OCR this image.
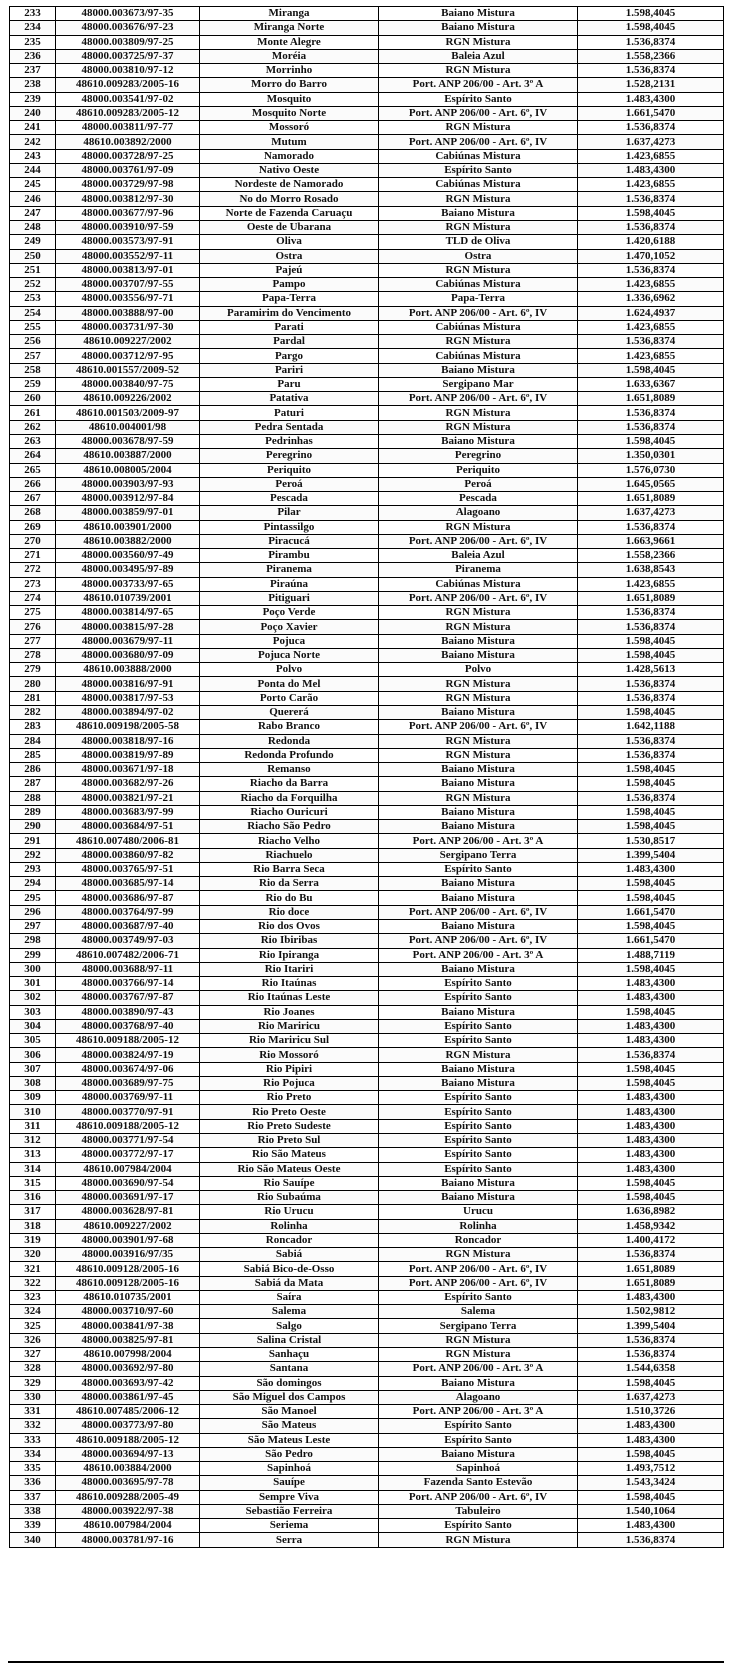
233	48000.003673/97-35	Miranga	Baiano Mistura	1.598,4045
234	48000.003676/97-23	Miranga Norte	Baiano Mistura	1.598,4045
235	48000.003809/97-25	Monte Alegre	RGN Mistura	1.536,8374
236	48000.003725/97-37	Moréia	Baleia Azul	1.558,2366
237	48000.003810/97-12	Morrinho	RGN Mistura	1.536,8374
238	48610.009283/2005-16	Morro do Barro	Port. ANP 206/00 - Art. 3º A	1.528,2131
239	48000.003541/97-02	Mosquito	Espírito Santo	1.483,4300
240	48610.009283/2005-12	Mosquito Norte	Port. ANP 206/00 - Art. 6º, IV	1.661,5470
241	48000.003811/97-77	Mossoró	RGN Mistura	1.536,8374
242	48610.003892/2000	Mutum	Port. ANP 206/00 - Art. 6º, IV	1.637,4273
243	48000.003728/97-25	Namorado	Cabiúnas Mistura	1.423,6855
244	48000.003761/97-09	Nativo Oeste	Espírito Santo	1.483,4300
245	48000.003729/97-98	Nordeste de Namorado	Cabiúnas Mistura	1.423,6855
246	48000.003812/97-30	No do Morro Rosado	RGN Mistura	1.536,8374
247	48000.003677/97-96	Norte de Fazenda Caruaçu	Baiano Mistura	1.598,4045
248	48000.003910/97-59	Oeste de Ubarana	RGN Mistura	1.536,8374
249	48000.003573/97-91	Oliva	TLD de Oliva	1.420,6188
250	48000.003552/97-11	Ostra	Ostra	1.470,1052
251	48000.003813/97-01	Pajeú	RGN Mistura	1.536,8374
252	48000.003707/97-55	Pampo	Cabiúnas Mistura	1.423,6855
253	48000.003556/97-71	Papa-Terra	Papa-Terra	1.336,6962
254	48000.003888/97-00	Paramirim do Vencimento	Port. ANP 206/00 - Art. 6º, IV	1.624,4937
255	48000.003731/97-30	Parati	Cabiúnas Mistura	1.423,6855
256	48610.009227/2002	Pardal	RGN Mistura	1.536,8374
257	48000.003712/97-95	Pargo	Cabiúnas Mistura	1.423,6855
258	48610.001557/2009-52	Pariri	Baiano Mistura	1.598,4045
259	48000.003840/97-75	Paru	Sergipano Mar	1.633,6367
260	48610.009226/2002	Patativa	Port. ANP 206/00 - Art. 6º, IV	1.651,8089
261	48610.001503/2009-97	Paturi	RGN Mistura	1.536,8374
262	48610.004001/98	Pedra Sentada	RGN Mistura	1.536,8374
263	48000.003678/97-59	Pedrinhas	Baiano Mistura	1.598,4045
264	48610.003887/2000	Peregrino	Peregrino	1.350,0301
265	48610.008005/2004	Periquito	Periquito	1.576,0730
266	48000.003903/97-93	Peroá	Peroá	1.645,0565
267	48000.003912/97-84	Pescada	Pescada	1.651,8089
268	48000.003859/97-01	Pilar	Alagoano	1.637,4273
269	48610.003901/2000	Pintassilgo	RGN Mistura	1.536,8374
270	48610.003882/2000	Piracucá	Port. ANP 206/00 - Art. 6º, IV	1.663,9661
271	48000.003560/97-49	Pirambu	Baleia Azul	1.558,2366
272	48000.003495/97-89	Piranema	Piranema	1.638,8543
273	48000.003733/97-65	Piraúna	Cabiúnas Mistura	1.423,6855
274	48610.010739/2001	Pitiguari	Port. ANP 206/00 - Art. 6º, IV	1.651,8089
275	48000.003814/97-65	Poço Verde	RGN Mistura	1.536,8374
276	48000.003815/97-28	Poço Xavier	RGN Mistura	1.536,8374
277	48000.003679/97-11	Pojuca	Baiano Mistura	1.598,4045
278	48000.003680/97-09	Pojuca Norte	Baiano Mistura	1.598,4045
279	48610.003888/2000	Polvo	Polvo	1.428,5613
280	48000.003816/97-91	Ponta do Mel	RGN Mistura	1.536,8374
281	48000.003817/97-53	Porto Carão	RGN Mistura	1.536,8374
282	48000.003894/97-02	Quererá	Baiano Mistura	1.598,4045
283	48610.009198/2005-58	Rabo Branco	Port. ANP 206/00 - Art. 6º, IV	1.642,1188
284	48000.003818/97-16	Redonda	RGN Mistura	1.536,8374
285	48000.003819/97-89	Redonda Profundo	RGN Mistura	1.536,8374
286	48000.003671/97-18	Remanso	Baiano Mistura	1.598,4045
287	48000.003682/97-26	Riacho da Barra	Baiano Mistura	1.598,4045
288	48000.003821/97-21	Riacho da Forquilha	RGN Mistura	1.536,8374
289	48000.003683/97-99	Riacho Ouricuri	Baiano Mistura	1.598,4045
290	48000.003684/97-51	Riacho São Pedro	Baiano Mistura	1.598,4045
291	48610.007480/2006-81	Riacho Velho	Port. ANP 206/00 - Art. 3º A	1.530,8517
292	48000.003860/97-82	Riachuelo	Sergipano Terra	1.399,5404
293	48000.003765/97-51	Rio Barra Seca	Espírito Santo	1.483,4300
294	48000.003685/97-14	Rio da Serra	Baiano Mistura	1.598,4045
295	48000.003686/97-87	Rio do Bu	Baiano Mistura	1.598,4045
296	48000.003764/97-99	Rio doce	Port. ANP 206/00 - Art. 6º, IV	1.661,5470
297	48000.003687/97-40	Rio dos Ovos	Baiano Mistura	1.598,4045
298	48000.003749/97-03	Rio Ibiribas	Port. ANP 206/00 - Art. 6º, IV	1.661,5470
299	48610.007482/2006-71	Rio Ipiranga	Port. ANP 206/00 - Art. 3º A	1.488,7119
300	48000.003688/97-11	Rio Itariri	Baiano Mistura	1.598,4045
301	48000.003766/97-14	Rio Itaúnas	Espírito Santo	1.483,4300
302	48000.003767/97-87	Rio Itaúnas Leste	Espírito Santo	1.483,4300
303	48000.003890/97-43	Rio Joanes	Baiano Mistura	1.598,4045
304	48000.003768/97-40	Rio Mariricu	Espírito Santo	1.483,4300
305	48610.009188/2005-12	Rio Mariricu Sul	Espírito Santo	1.483,4300
306	48000.003824/97-19	Rio Mossoró	RGN Mistura	1.536,8374
307	48000.003674/97-06	Rio Pipiri	Baiano Mistura	1.598,4045
308	48000.003689/97-75	Rio Pojuca	Baiano Mistura	1.598,4045
309	48000.003769/97-11	Rio Preto	Espírito Santo	1.483,4300
310	48000.003770/97-91	Rio Preto Oeste	Espírito Santo	1.483,4300
311	48610.009188/2005-12	Rio Preto Sudeste	Espírito Santo	1.483,4300
312	48000.003771/97-54	Rio Preto Sul	Espírito Santo	1.483,4300
313	48000.003772/97-17	Rio São Mateus	Espírito Santo	1.483,4300
314	48610.007984/2004	Rio São Mateus Oeste	Espírito Santo	1.483,4300
315	48000.003690/97-54	Rio Sauípe	Baiano Mistura	1.598,4045
316	48000.003691/97-17	Rio Subaúma	Baiano Mistura	1.598,4045
317	48000.003628/97-81	Rio Urucu	Urucu	1.636,8982
318	48610.009227/2002	Rolinha	Rolinha	1.458,9342
319	48000.003901/97-68	Roncador	Roncador	1.400,4172
320	48000.003916/97/35	Sabiá	RGN Mistura	1.536,8374
321	48610.009128/2005-16	Sabiá Bico-de-Osso	Port. ANP 206/00 - Art. 6º, IV	1.651,8089
322	48610.009128/2005-16	Sabiá da Mata	Port. ANP 206/00 - Art. 6º, IV	1.651,8089
323	48610.010735/2001	Saíra	Espírito Santo	1.483,4300
324	48000.003710/97-60	Salema	Salema	1.502,9812
325	48000.003841/97-38	Salgo	Sergipano Terra	1.399,5404
326	48000.003825/97-81	Salina Cristal	RGN Mistura	1.536,8374
327	48610.007998/2004	Sanhaçu	RGN Mistura	1.536,8374
328	48000.003692/97-80	Santana	Port. ANP 206/00 - Art. 3º A	1.544,6358
329	48000.003693/97-42	São domingos	Baiano Mistura	1.598,4045
330	48000.003861/97-45	São Miguel dos Campos	Alagoano	1.637,4273
331	48610.007485/2006-12	São Manoel	Port. ANP 206/00 - Art. 3º A	1.510,3726
332	48000.003773/97-80	São Mateus	Espírito Santo	1.483,4300
333	48610.009188/2005-12	São Mateus Leste	Espírito Santo	1.483,4300
334	48000.003694/97-13	São Pedro	Baiano Mistura	1.598,4045
335	48610.003884/2000	Sapinhoá	Sapinhoá	1.493,7512
336	48000.003695/97-78	Sauípe	Fazenda Santo Estevão	1.543,3424
337	48610.009288/2005-49	Sempre Viva	Port. ANP 206/00 - Art. 6º, IV	1.598,4045
338	48000.003922/97-38	Sebastião Ferreira	Tabuleiro	1.540,1064
339	48610.007984/2004	Seriema	Espírito Santo	1.483,4300
340	48000.003781/97-16	Serra	RGN Mistura	1.536,8374
